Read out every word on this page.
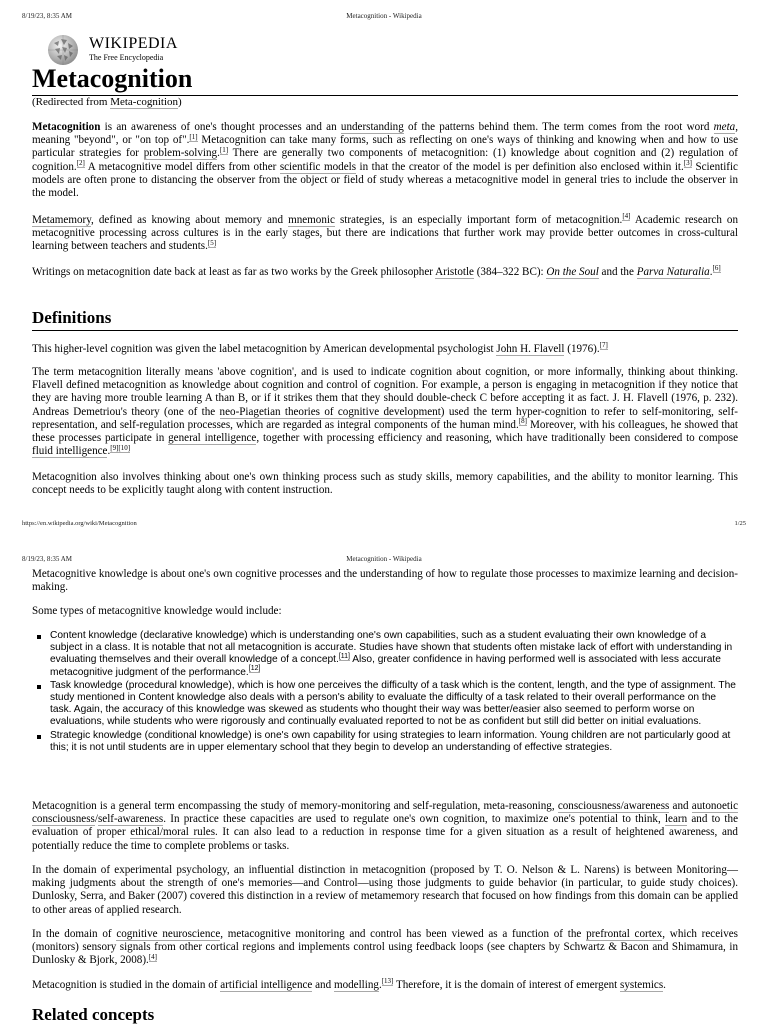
8/19/23, 8:35 AM	Metacognition - Wikipedia
WIKIPEDIA
The Free Encyclopedia
Metacognition
(Redirected from Meta-cognition)

Metacognition is an awareness of one's thought processes and an understanding of the patterns behind them. The term comes from the root word meta, meaning "beyond", or "on top of".[1] Metacognition can take many forms, such as reflecting on one's ways of thinking and knowing when and how to use particular strategies for problem-solving.[1] There are generally two components of metacognition: (1) knowledge about cognition and (2) regulation of cognition.[2] A metacognitive model differs from other scientific models in that the creator of the model is per definition also enclosed within it.[3] Scientific models are often prone to distancing the observer from the object or field of study whereas a metacognitive model in general tries to include the observer in the model.

Metamemory, defined as knowing about memory and mnemonic strategies, is an especially important form of metacognition.[4] Academic research on metacognitive processing across cultures is in the early stages, but there are indications that further work may provide better outcomes in cross-cultural learning between teachers and students.[5]

Writings on metacognition date back at least as far as two works by the Greek philosopher Aristotle (384–322 BC): On the Soul and the Parva Naturalia.[6]

Definitions

This higher-level cognition was given the label metacognition by American developmental psychologist John H. Flavell (1976).[7]

The term metacognition literally means 'above cognition', and is used to indicate cognition about cognition, or more informally, thinking about thinking. Flavell defined metacognition as knowledge about cognition and control of cognition. For example, a person is engaging in metacognition if they notice that they are having more trouble learning A than B, or if it strikes them that they should double-check C before accepting it as fact. J. H. Flavell (1976, p. 232). Andreas Demetriou's theory (one of the neo-Piagetian theories of cognitive development) used the term hyper-cognition to refer to self-monitoring, self-representation, and self-regulation processes, which are regarded as integral components of the human mind.[8] Moreover, with his colleagues, he showed that these processes participate in general intelligence, together with processing efficiency and reasoning, which have traditionally been considered to compose fluid intelligence.[9][10]

Metacognition also involves thinking about one's own thinking process such as study skills, memory capabilities, and the ability to monitor learning. This concept needs to be explicitly taught along with content instruction.

https://en.wikipedia.org/wiki/Metacognition	1/25
8/19/23, 8:35 AM	Metacognition - Wikipedia

Metacognitive knowledge is about one's own cognitive processes and the understanding of how to regulate those processes to maximize learning and decision-making.

Some types of metacognitive knowledge would include:

Content knowledge (declarative knowledge) which is understanding one's own capabilities, such as a student evaluating their own knowledge of a subject in a class. It is notable that not all metacognition is accurate. Studies have shown that students often mistake lack of effort with understanding in evaluating themselves and their overall knowledge of a concept.[11] Also, greater confidence in having performed well is associated with less accurate metacognitive judgment of the performance.[12]
Task knowledge (procedural knowledge), which is how one perceives the difficulty of a task which is the content, length, and the type of assignment. The study mentioned in Content knowledge also deals with a person's ability to evaluate the difficulty of a task related to their overall performance on the task. Again, the accuracy of this knowledge was skewed as students who thought their way was better/easier also seemed to perform worse on evaluations, while students who were rigorously and continually evaluated reported to not be as confident but still did better on initial evaluations.
Strategic knowledge (conditional knowledge) is one's own capability for using strategies to learn information. Young children are not particularly good at this; it is not until students are in upper elementary school that they begin to develop an understanding of effective strategies.

Metacognition is a general term encompassing the study of memory-monitoring and self-regulation, meta-reasoning, consciousness/awareness and autonoetic consciousness/self-awareness. In practice these capacities are used to regulate one's own cognition, to maximize one's potential to think, learn and to the evaluation of proper ethical/moral rules. It can also lead to a reduction in response time for a given situation as a result of heightened awareness, and potentially reduce the time to complete problems or tasks.

In the domain of experimental psychology, an influential distinction in metacognition (proposed by T. O. Nelson & L. Narens) is between Monitoring—making judgments about the strength of one's memories—and Control—using those judgments to guide behavior (in particular, to guide study choices). Dunlosky, Serra, and Baker (2007) covered this distinction in a review of metamemory research that focused on how findings from this domain can be applied to other areas of applied research.

In the domain of cognitive neuroscience, metacognitive monitoring and control has been viewed as a function of the prefrontal cortex, which receives (monitors) sensory signals from other cortical regions and implements control using feedback loops (see chapters by Schwartz & Bacon and Shimamura, in Dunlosky & Bjork, 2008).[4]

Metacognition is studied in the domain of artificial intelligence and modelling.[13] Therefore, it is the domain of interest of emergent systemics.

Related concepts
